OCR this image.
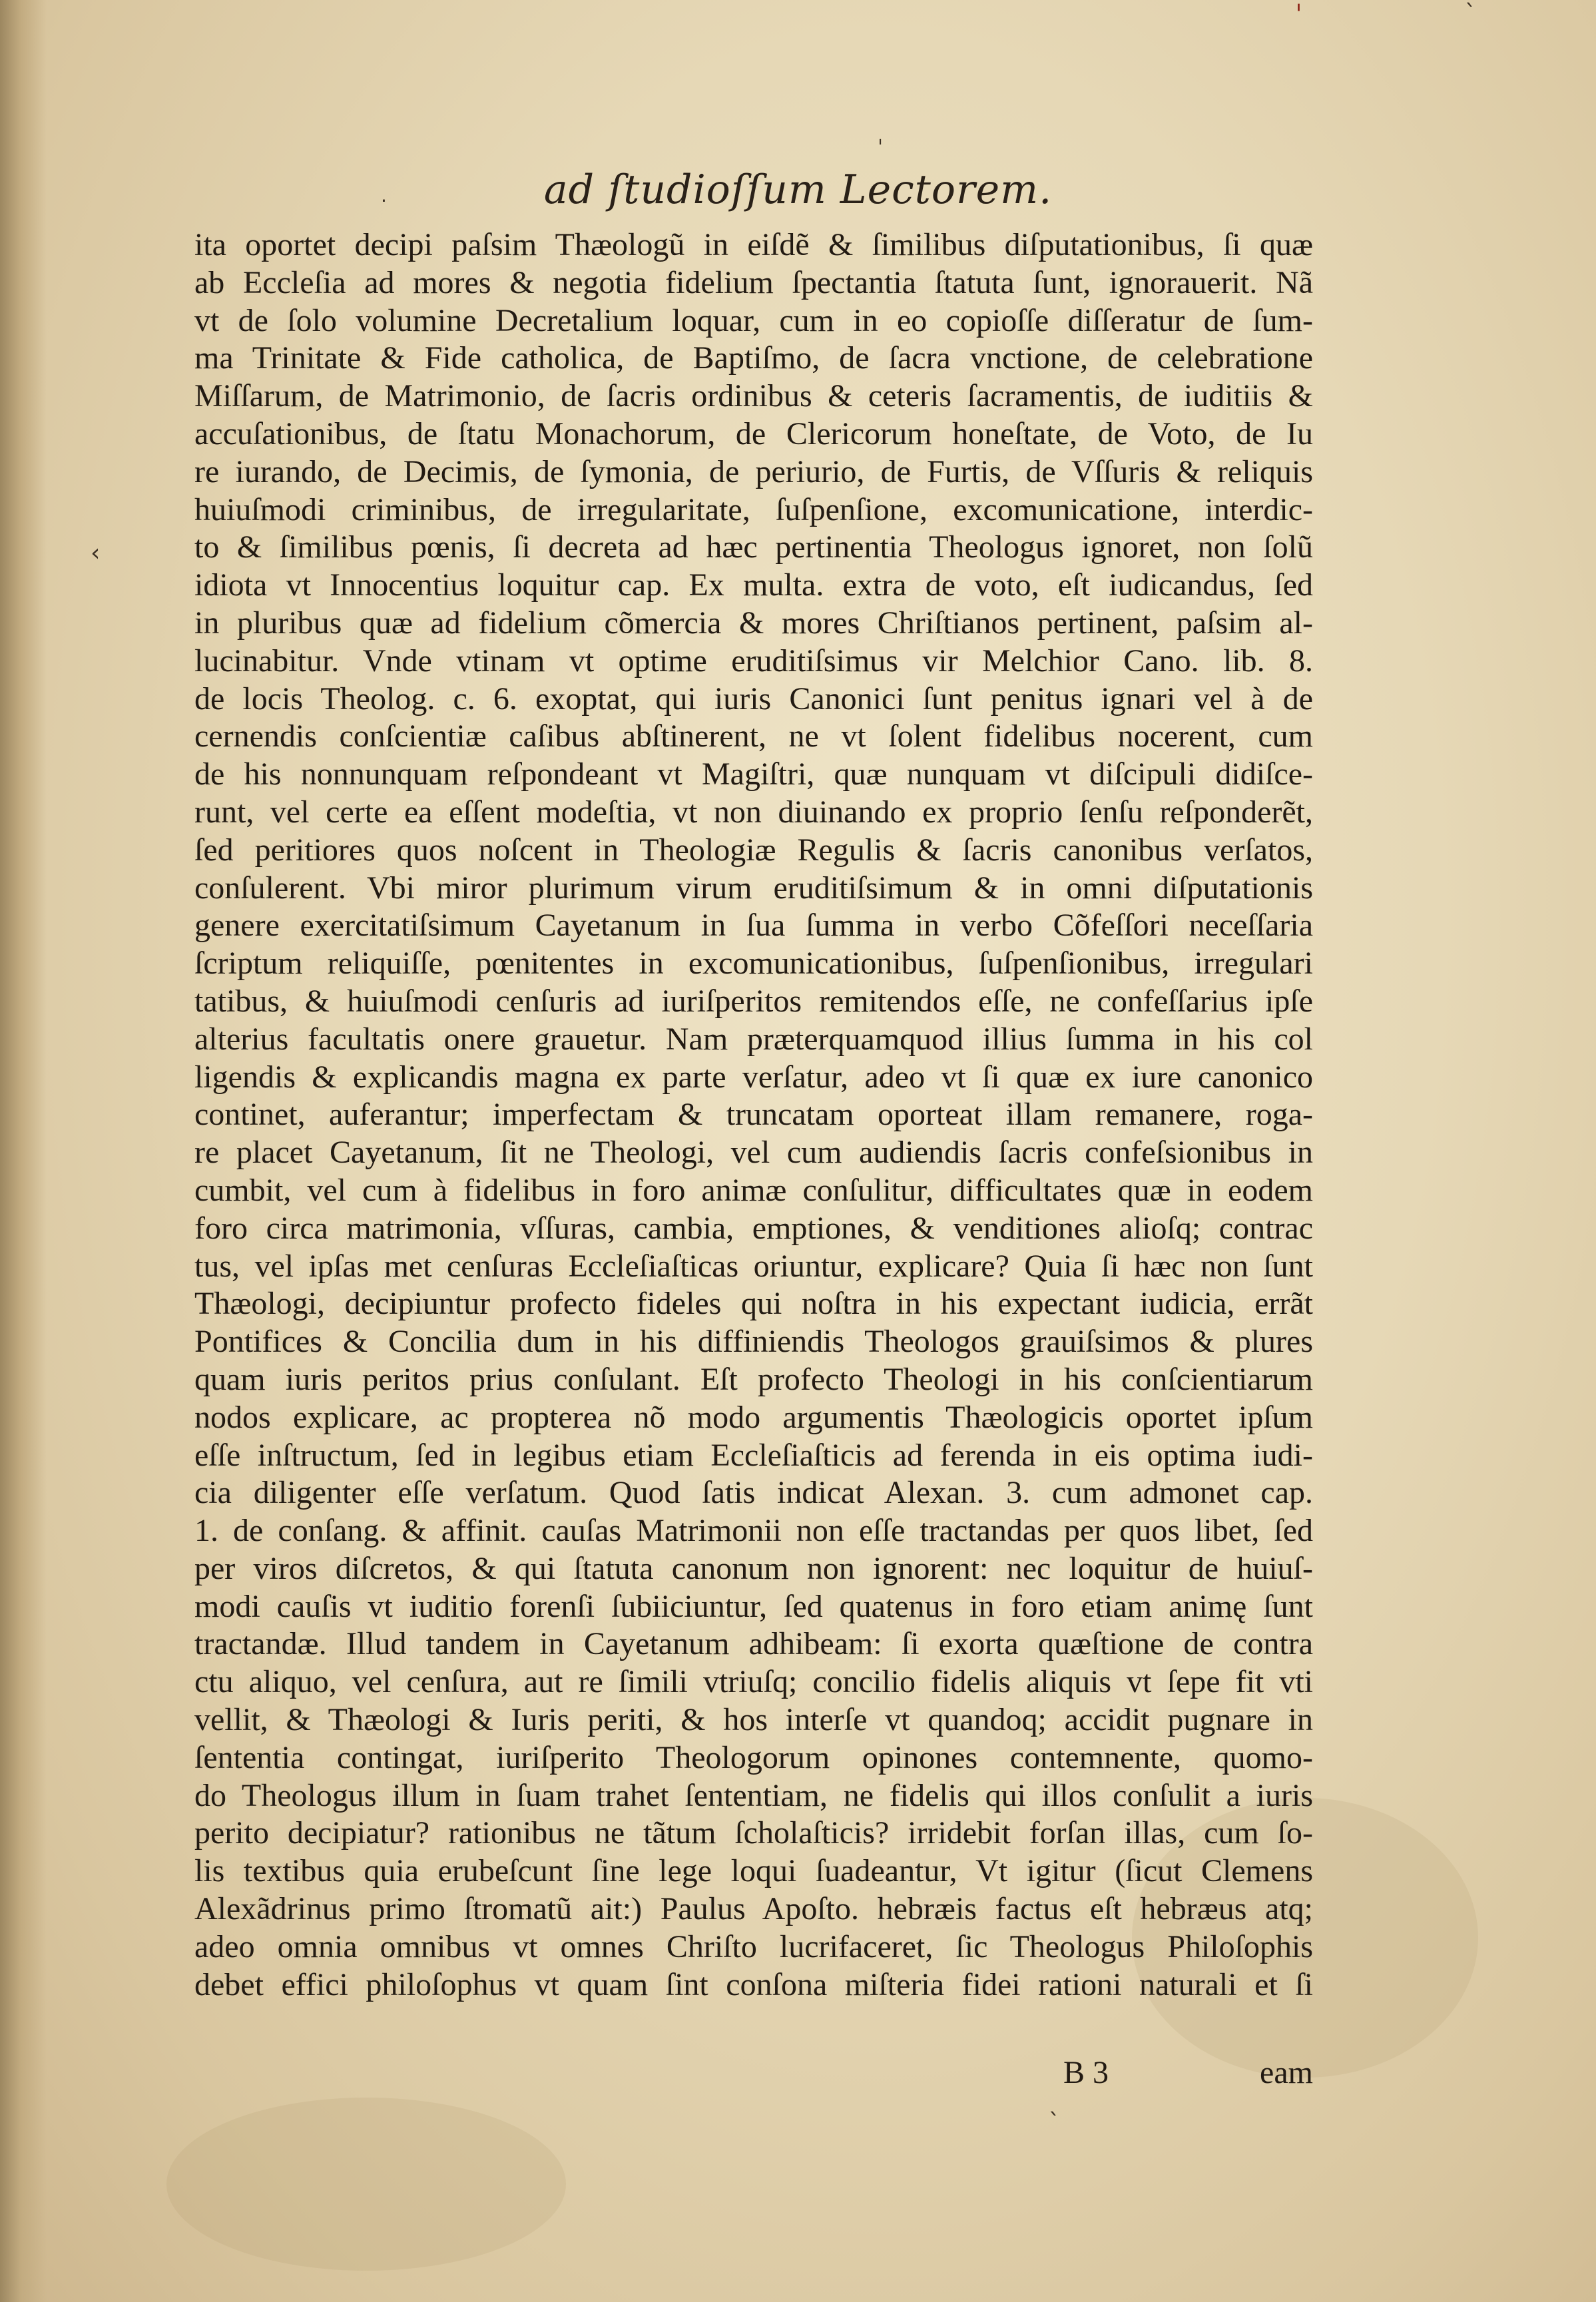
ˈ	ˋ
ˈ
·
‹
ˎ
ad ſtudioſſum Lectorem.
ita oportet decipi paſsim Thæologũ in eiſdẽ & ſimilibus diſputationibus, ſi quæ
ab Eccleſia ad mores & negotia fidelium ſpectantia ſtatuta ſunt, ignorauerit. Nã
vt de ſolo volumine Decretalium loquar, cum in eo copioſſe diſſeratur de ſum-
ma Trinitate & Fide catholica, de Baptiſmo, de ſacra vnctione, de celebratione
Miſſarum, de Matrimonio, de ſacris ordinibus & ceteris ſacramentis, de iuditiis &
accuſationibus, de ſtatu Monachorum, de Clericorum honeſtate, de Voto, de Iu
re iurando, de Decimis, de ſymonia, de periurio, de Furtis, de Vſſuris & reliquis
huiuſmodi criminibus, de irregularitate, ſuſpenſione, excomunicatione, interdic-
to & ſimilibus pœnis, ſi decreta ad hæc pertinentia Theologus ignoret, non ſolũ
idiota vt Innocentius loquitur cap. Ex multa. extra de voto, eſt iudicandus, ſed
in pluribus quæ ad fidelium cõmercia & mores Chriſtianos pertinent, paſsim al-
lucinabitur. Vnde vtinam vt optime eruditiſsimus vir Melchior Cano. lib. 8.
de locis Theolog. c. 6. exoptat, qui iuris Canonici ſunt penitus ignari vel à de
cernendis conſcientiæ caſibus abſtinerent, ne vt ſolent fidelibus nocerent, cum
de his nonnunquam reſpondeant vt Magiſtri, quæ nunquam vt diſcipuli didiſce-
runt, vel certe ea eſſent modeſtia, vt non diuinando ex proprio ſenſu reſponderẽt,
ſed peritiores quos noſcent in Theologiæ Regulis & ſacris canonibus verſatos,
conſulerent. Vbi miror plurimum virum eruditiſsimum & in omni diſputationis
genere exercitatiſsimum Cayetanum in ſua ſumma in verbo Cõfeſſori neceſſaria
ſcriptum reliquiſſe, pœnitentes in excomunicationibus, ſuſpenſionibus, irregulari
tatibus, & huiuſmodi cenſuris ad iuriſperitos remitendos eſſe, ne confeſſarius ipſe
alterius facultatis onere grauetur. Nam præterquamquod illius ſumma in his col
ligendis & explicandis magna ex parte verſatur, adeo vt ſi quæ ex iure canonico
continet, auferantur; imperfectam & truncatam oporteat illam remanere, roga-
re placet Cayetanum, ſit ne Theologi, vel cum audiendis ſacris confeſsionibus in
cumbit, vel cum à fidelibus in foro animæ conſulitur, difficultates quæ in eodem
foro circa matrimonia, vſſuras, cambia, emptiones, & venditiones alioſq; contrac
tus, vel ipſas met cenſuras Eccleſiaſticas oriuntur, explicare? Quia ſi hæc non ſunt
Thæologi, decipiuntur profecto fideles qui noſtra in his expectant iudicia, errãt
Pontifices & Concilia dum in his diffiniendis Theologos grauiſsimos & plures
quam iuris peritos prius conſulant. Eſt profecto Theologi in his conſcientiarum
nodos explicare, ac propterea nõ modo argumentis Thæologicis oportet ipſum
eſſe inſtructum, ſed in legibus etiam Eccleſiaſticis ad ferenda in eis optima iudi-
cia diligenter eſſe verſatum. Quod ſatis indicat Alexan. 3. cum admonet cap.
1. de conſang. & affinit. cauſas Matrimonii non eſſe tractandas per quos libet, ſed
per viros diſcretos, & qui ſtatuta canonum non ignorent: nec loquitur de huiuſ-
modi cauſis vt iuditio forenſi ſubiiciuntur, ſed quatenus in foro etiam animę ſunt
tractandæ. Illud tandem in Cayetanum adhibeam: ſi exorta quæſtione de contra
ctu aliquo, vel cenſura, aut re ſimili vtriuſq; concilio fidelis aliquis vt ſepe fit vti
vellit, & Thæologi & Iuris periti, & hos interſe vt quandoq; accidit pugnare in
ſententia contingat, iuriſperito Theologorum opinones contemnente, quomo-
do Theologus illum in ſuam trahet ſententiam, ne fidelis qui illos conſulit a iuris
perito decipiatur? rationibus ne tãtum ſcholaſticis? irridebit forſan illas, cum ſo-
lis textibus quia erubeſcunt ſine lege loqui ſuadeantur, Vt igitur (ſicut Clemens
Alexãdrinus primo ſtromatũ ait:) Paulus Apoſto. hebræis factus eſt hebræus atq;
adeo omnia omnibus vt omnes Chriſto lucrifaceret, ſic Theologus Philoſophis
debet effici philoſophus vt quam ſint conſona miſteria fidei rationi naturali et ſi
B 3	eam
